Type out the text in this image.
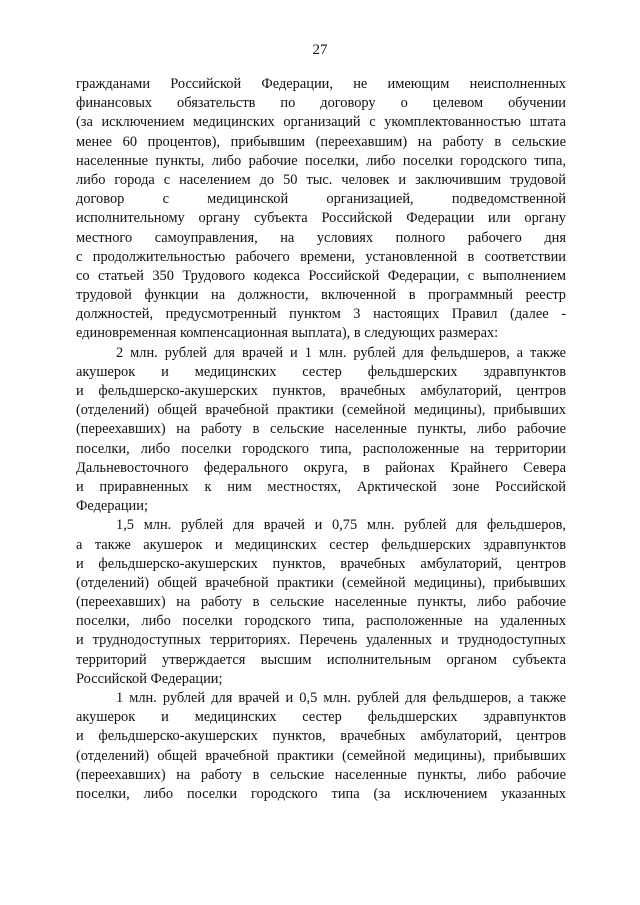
27
гражданами Российской Федерации, не имеющим неисполненных
финансовых обязательств по договору о целевом обучении
(за исключением медицинских организаций с укомплектованностью штата
менее 60 процентов), прибывшим (переехавшим) на работу в сельские
населенные пункты, либо рабочие поселки, либо поселки городского типа,
либо города с населением до 50 тыс. человек и заключившим трудовой
договор с медицинской организацией, подведомственной
исполнительному органу субъекта Российской Федерации или органу
местного самоуправления, на условиях полного рабочего дня
с продолжительностью рабочего времени, установленной в соответствии
со статьей 350 Трудового кодекса Российской Федерации, с выполнением
трудовой функции на должности, включенной в программный реестр
должностей, предусмотренный пунктом 3 настоящих Правил (далее -
единовременная компенсационная выплата), в следующих размерах:
2 млн. рублей для врачей и 1 млн. рублей для фельдшеров, а также
акушерок и медицинских сестер фельдшерских здравпунктов
и фельдшерско-акушерских пунктов, врачебных амбулаторий, центров
(отделений) общей врачебной практики (семейной медицины), прибывших
(переехавших) на работу в сельские населенные пункты, либо рабочие
поселки, либо поселки городского типа, расположенные на территории
Дальневосточного федерального округа, в районах Крайнего Севера
и приравненных к ним местностях, Арктической зоне Российской
Федерации;
1,5 млн. рублей для врачей и 0,75 млн. рублей для фельдшеров,
а также акушерок и медицинских сестер фельдшерских здравпунктов
и фельдшерско-акушерских пунктов, врачебных амбулаторий, центров
(отделений) общей врачебной практики (семейной медицины), прибывших
(переехавших) на работу в сельские населенные пункты, либо рабочие
поселки, либо поселки городского типа, расположенные на удаленных
и труднодоступных территориях. Перечень удаленных и труднодоступных
территорий утверждается высшим исполнительным органом субъекта
Российской Федерации;
1 млн. рублей для врачей и 0,5 млн. рублей для фельдшеров, а также
акушерок и медицинских сестер фельдшерских здравпунктов
и фельдшерско-акушерских пунктов, врачебных амбулаторий, центров
(отделений) общей врачебной практики (семейной медицины), прибывших
(переехавших) на работу в сельские населенные пункты, либо рабочие
поселки, либо поселки городского типа (за исключением указанных
